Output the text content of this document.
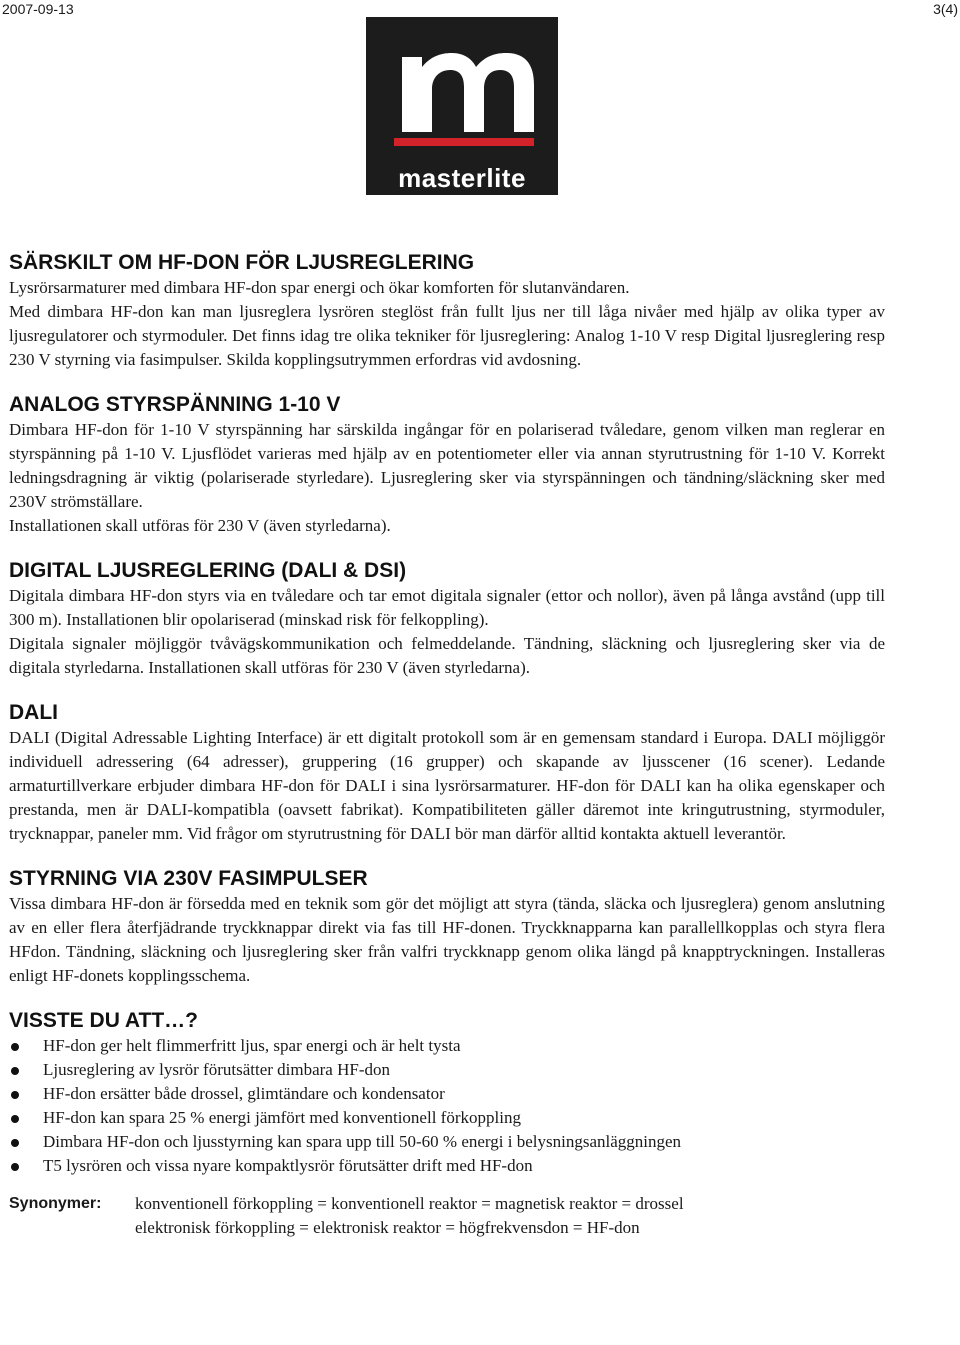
2007-09-13	3(4)
masterlite
SÄRSKILT OM HF-DON FÖR LJUSREGLERING

Lysrörsarmaturer med dimbara HF-don spar energi och ökar komforten för slutanvändaren.

Med dimbara HF-don kan man ljusreglera lysrören steglöst från fullt ljus ner till låga nivåer med hjälp av olika typer av ljusregulatorer och styrmoduler. Det finns idag tre olika tekniker för ljusreglering: Analog 1-10 V resp Digital ljusreglering resp 230 V styrning via fasimpulser. Skilda kopplingsutrymmen erfordras vid avdosning.

ANALOG STYRSPÄNNING 1-10 V

Dimbara HF-don för 1-10 V styrspänning har särskilda ingångar för en polariserad tvåledare, genom vilken man reglerar en styrspänning på 1-10 V. Ljusflödet varieras med hjälp av en potentiometer eller via annan styrutrustning för 1-10 V. Korrekt ledningsdragning är viktig (polariserade styrledare). Ljusreglering sker via styrspänningen och tändning/släckning sker med 230V strömställare.

Installationen skall utföras för 230 V (även styrledarna).

DIGITAL LJUSREGLERING (DALI & DSI)

Digitala dimbara HF-don styrs via en tvåledare och tar emot digitala signaler (ettor och nollor), även på långa avstånd (upp till 300 m). Installationen blir opolariserad (minskad risk för felkoppling).

Digitala signaler möjliggör tvåvägskommunikation och felmeddelande. Tändning, släckning och ljusreglering sker via de digitala styrledarna. Installationen skall utföras för 230 V (även styrledarna).

DALI

DALI (Digital Adressable Lighting Interface) är ett digitalt protokoll som är en gemensam standard i Europa. DALI möjliggör individuell adressering (64 adresser), gruppering (16 grupper) och skapande av ljusscener (16 scener). Ledande armaturtillverkare erbjuder dimbara HF-don för DALI i sina lysrörsarmaturer. HF-don för DALI kan ha olika egenskaper och prestanda, men är DALI-kompatibla (oavsett fabrikat). Kompatibiliteten gäller däremot inte kringutrustning, styrmoduler, trycknappar, paneler mm. Vid frågor om styrutrustning för DALI bör man därför alltid kontakta aktuell leverantör.

STYRNING VIA 230V FASIMPULSER

Vissa dimbara HF-don är försedda med en teknik som gör det möjligt att styra (tända, släcka och ljusreglera) genom anslutning av en eller flera återfjädrande tryckknappar direkt via fas till HF-donen. Tryckknapparna kan parallellkopplas och styra flera HFdon. Tändning, släckning och ljusreglering sker från valfri tryckknapp genom olika längd på knapptryckningen. Installeras enligt HF-donets kopplingsschema.

VISSTE DU ATT…?
HF-don ger helt flimmerfritt ljus, spar energi och är helt tysta
Ljusreglering av lysrör förutsätter dimbara HF-don
HF-don ersätter både drossel, glimtändare och kondensator
HF-don kan spara 25 % energi jämfört med konventionell förkoppling
Dimbara HF-don och ljusstyrning kan spara upp till 50-60 % energi i belysningsanläggningen
T5 lysrören och vissa nyare kompaktlysrör förutsätter drift med HF-don
Synonymer:	konventionell förkoppling = konventionell reaktor = magnetisk reaktor = drossel
elektronisk förkoppling = elektronisk reaktor = högfrekvensdon = HF-don
